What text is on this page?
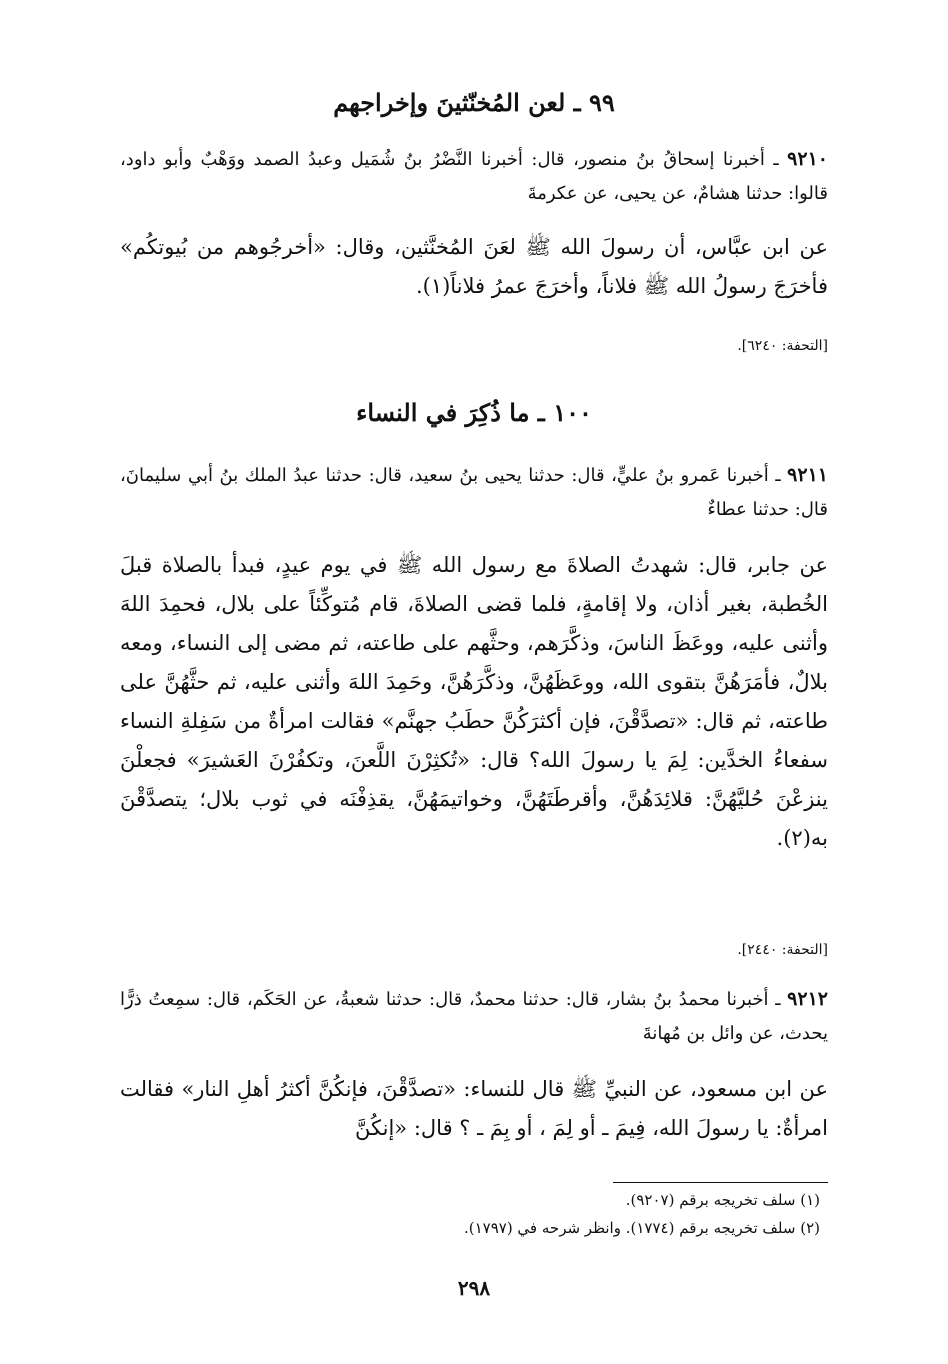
٩٩ ـ لعن المُخنّثينَ وإخراجهم
٩٢١٠ ـ أخبرنا إسحاقُ بنُ منصور، قال: أخبرنا النَّضْرُ بنُ شُمَيل وعبدُ الصمد ووَهْبٌ وأبو داود، قالوا: حدثنا هشامٌ، عن يحيى، عن عكرمةَ
عن ابن عبَّاس، أن رسولَ الله ﷺ لعَنَ المُخنَّثين، وقال: «أخرجُوهم من بُيوتكُم» فأخرَجَ رسولُ الله ﷺ فلاناً، وأخرَجَ عمرُ فلاناً(١).
[التحفة: ٦٢٤٠].
١٠٠ ـ ما ذُكِرَ في النساء
٩٢١١ ـ أخبرنا عَمرو بنُ عليٍّ، قال: حدثنا يحيى بنُ سعيد، قال: حدثنا عبدُ الملك بنُ أبي سليمانَ، قال: حدثنا عطاءٌ
عن جابر، قال: شهدتُ الصلاةَ مع رسول الله ﷺ في يوم عيدٍ، فبدأ بالصلاة قبلَ الخُطبة، بغير أذان، ولا إقامةٍ، فلما قضى الصلاةَ، قام مُتوكِّئاً على بلال، فحمِدَ اللهَ وأثنى عليه، ووعَظَ الناسَ، وذكَّرَهم، وحثَّهم على طاعته، ثم مضى إلى النساء، ومعه بلالٌ، فأمَرَهُنَّ بتقوى الله، ووعَظَهُنَّ، وذكَّرَهُنَّ، وحَمِدَ اللهَ وأثنى عليه، ثم حثَّهُنَّ على طاعته، ثم قال: «تصدَّقْنَ، فإن أكثرَكُنَّ حطَبُ جهنَّم» فقالت امرأةٌ من سَفِلةِ النساء سفعاءُ الخدَّين: لِمَ يا رسولَ الله؟ قال: «تُكثِرْنَ اللَّعنَ، وتكفُرْنَ العَشيرَ» فجعلْنَ ينزعْنَ حُليَّهُنَّ: قلائِدَهُنَّ، وأقرطَتَهُنَّ، وخواتيمَهُنَّ، يقذِفْنَه في ثوب بلال؛ يتصدَّقْنَ به(٢).
[التحفة: ٢٤٤٠].
٩٢١٢ ـ أخبرنا محمدُ بنُ بشار، قال: حدثنا محمدٌ، قال: حدثنا شعبةُ، عن الحَكَم، قال: سمِعتُ ذرًّا يحدث، عن وائل بن مُهانةَ
عن ابن مسعود، عن النبيِّ ﷺ قال للنساء: «تصدَّقْنَ، فإنكُنَّ أكثرُ أهلِ النار» فقالت امرأةٌ: يا رسولَ الله، فِيمَ ـ أو لِمَ ، أو بِمَ ـ ؟ قال: «إنكُنَّ
(١) سلف تخريجه برقم (٩٢٠٧).
(٢) سلف تخريجه برقم (١٧٧٤). وانظر شرحه في (١٧٩٧).
٢٩٨
